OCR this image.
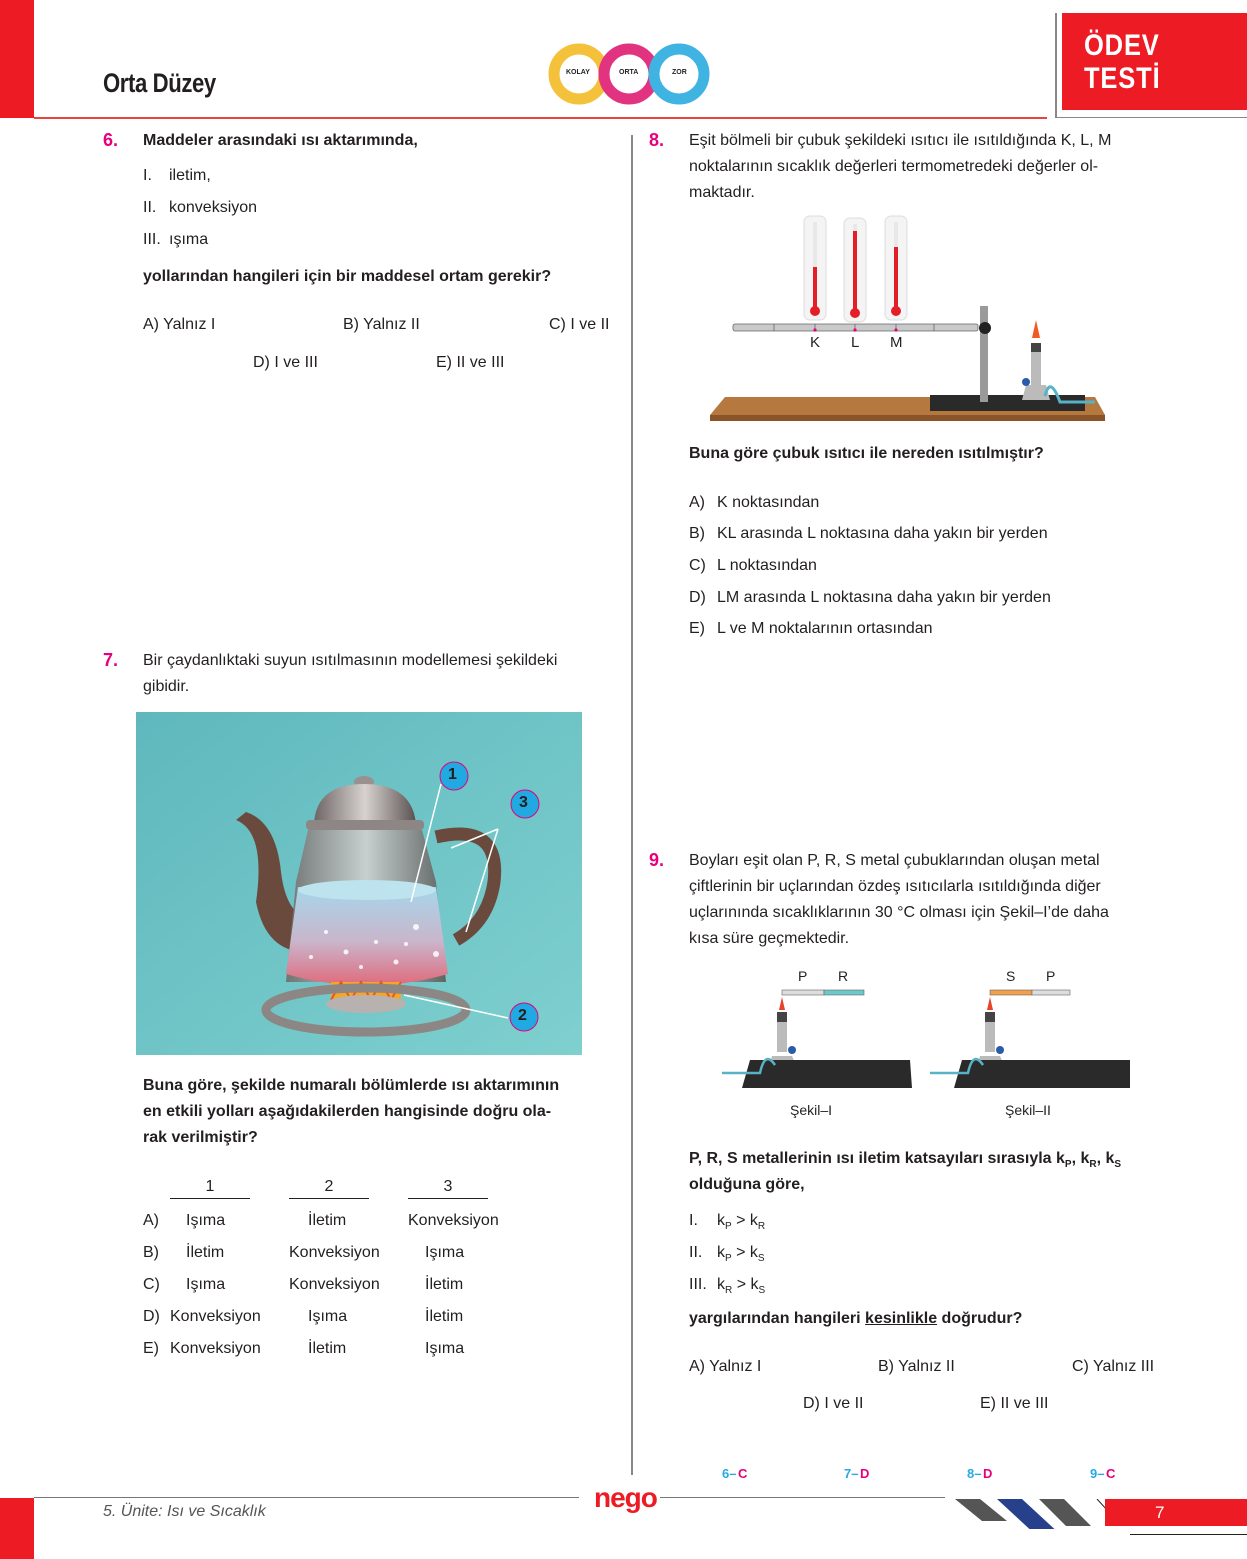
Orta Düzey	KOLAY	ORTA	ZOR
ÖDEV
TESTİ
6. Maddeler arasındaki ısı aktarımında,
I. iletim,
II. konveksiyon
III. ışıma
yollarından hangileri için bir maddesel ortam gerekir?
A) Yalnız I	B) Yalnız II	C) I ve II
D) I ve III	E) II ve III
7. Bir çaydanlıktaki suyun ısıtılmasının modellemesi şekildeki
gibidir.
1
3
2
Buna göre, şekilde numaralı bölümlerde ısı aktarımının
en etkili yolları aşağıdakilerden hangisinde doğru ola-
rak verilmiştir?
1	2	3
A) Işıma	İletim	Konveksiyon
B) İletim	Konveksiyon	Işıma
C) Işıma	Konveksiyon	İletim
D) Konveksiyon	Işıma	İletim
E) Konveksiyon	İletim	Işıma
8. Eşit bölmeli bir çubuk şekildeki ısıtıcı ile ısıtıldığında K, L, M
noktalarının sıcaklık değerleri termometredeki değerler ol-
maktadır.
K L M
Buna göre çubuk ısıtıcı ile nereden ısıtılmıştır?
A) K noktasından
B) KL arasında L noktasına daha yakın bir yerden
C) L noktasından
D) LM arasında L noktasına daha yakın bir yerden
E) L ve M noktalarının ortasından
9. Boyları eşit olan P, R, S metal çubuklarından oluşan metal
çiftlerinin bir uçlarından özdeş ısıtıcılarla ısıtıldığında diğer
uçlarınında sıcaklıklarının 30 °C olması için Şekil–I’de daha
kısa süre geçmektedir.
P R	S P
Şekil–I	Şekil–II
P, R, S metallerinin ısı iletim katsayıları sırasıyla $k_P$, $k_R$, $k_S$
olduğuna göre,
I. $k_P > k_R$
II. $k_P > k_S$
III. $k_R > k_S$
yargılarından hangileri kesinlikle doğrudur?
A) Yalnız I	B) Yalnız II	C) Yalnız III
D) I ve II	E) II ve III
6– C	7– D	8– D	9– C
5. Ünite: Isı ve Sıcaklık	nego	7
